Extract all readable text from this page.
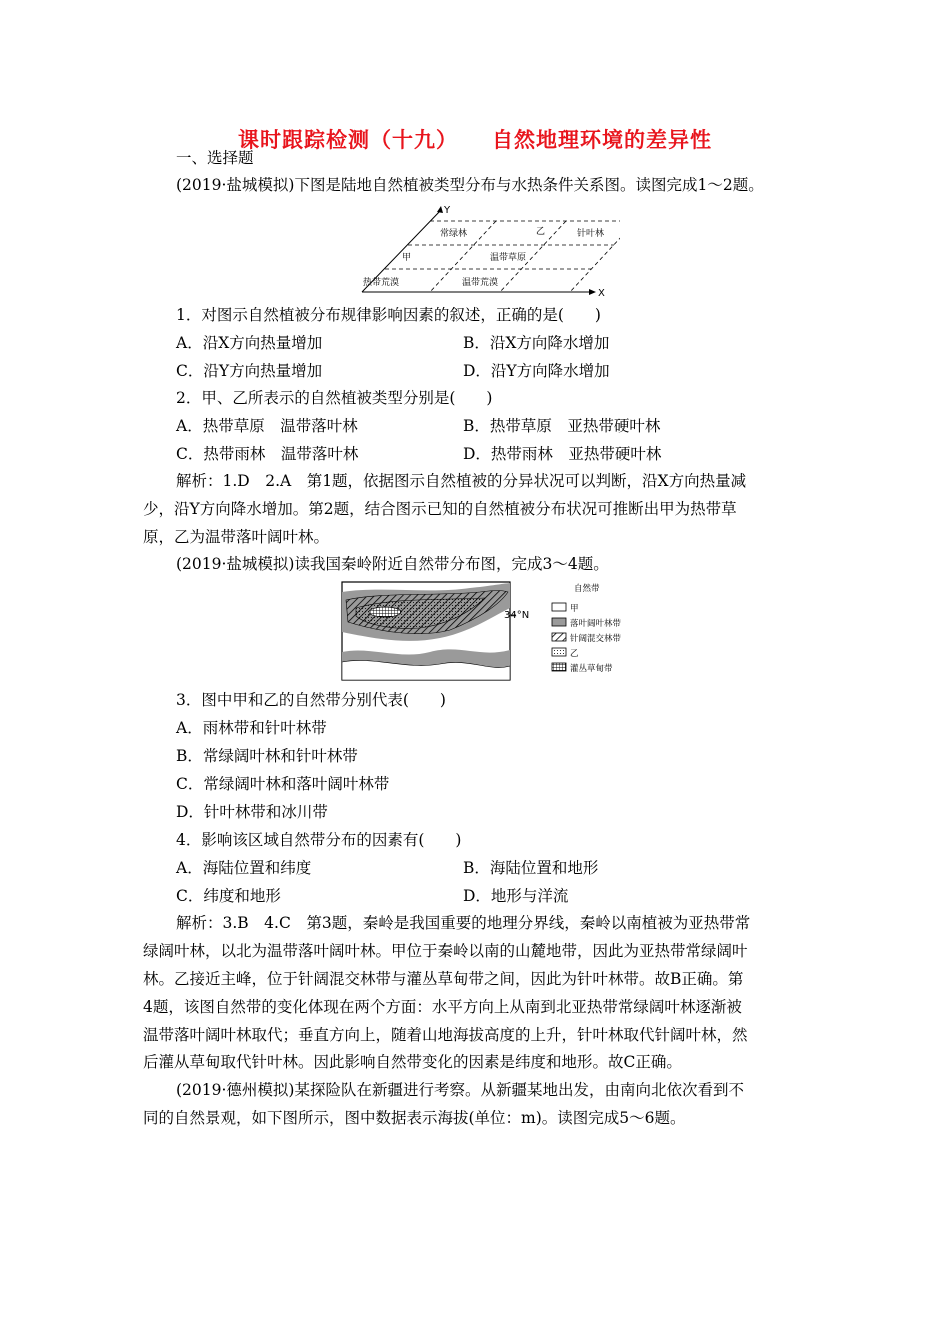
课时跟踪检测（十九） 自然地理环境的差异性
一、选择题
(2019·盐城模拟)下图是陆地自然植被类型分布与水热条件关系图。读图完成1～2题。
Y
X
常绿林	乙	针叶林
甲	温带草原
热带荒漠	温带荒漠
1．对图示自然植被分布规律影响因素的叙述，正确的是(　　)
A．沿X方向热量增加	B．沿X方向降水增加
C．沿Y方向热量增加	D．沿Y方向降水增加
2．甲、乙所表示的自然植被类型分别是(　　)
A．热带草原　温带落叶林	B．热带草原　亚热带硬叶林
C．热带雨林　温带落叶林	D．热带雨林　亚热带硬叶林
解析：1.D　2.A　第1题，依据图示自然植被的分异状况可以判断，沿X方向热量减
少，沿Y方向降水增加。第2题，结合图示已知的自然植被分布状况可推断出甲为热带草
原，乙为温带落叶阔叶林。
(2019·盐城模拟)读我国秦岭附近自然带分布图，完成3～4题。
34°N
自然带
甲
落叶阔叶林带
针阔混交林带
乙
灌丛草甸带
3．图中甲和乙的自然带分别代表(　　)
A．雨林带和针叶林带
B．常绿阔叶林和针叶林带
C．常绿阔叶林和落叶阔叶林带
D．针叶林带和冰川带
4．影响该区域自然带分布的因素有(　　)
A．海陆位置和纬度	B．海陆位置和地形
C．纬度和地形	D．地形与洋流
解析：3.B　4.C　第3题，秦岭是我国重要的地理分界线，秦岭以南植被为亚热带常
绿阔叶林，以北为温带落叶阔叶林。甲位于秦岭以南的山麓地带，因此为亚热带常绿阔叶
林。乙接近主峰，位于针阔混交林带与灌丛草甸带之间，因此为针叶林带。故B正确。第
4题，该图自然带的变化体现在两个方面：水平方向上从南到北亚热带常绿阔叶林逐渐被
温带落叶阔叶林取代；垂直方向上，随着山地海拔高度的上升，针叶林取代针阔叶林，然
后灌从草甸取代针叶林。因此影响自然带变化的因素是纬度和地形。故C正确。
(2019·德州模拟)某探险队在新疆进行考察。从新疆某地出发，由南向北依次看到不
同的自然景观，如下图所示，图中数据表示海拔(单位：m)。读图完成5～6题。
